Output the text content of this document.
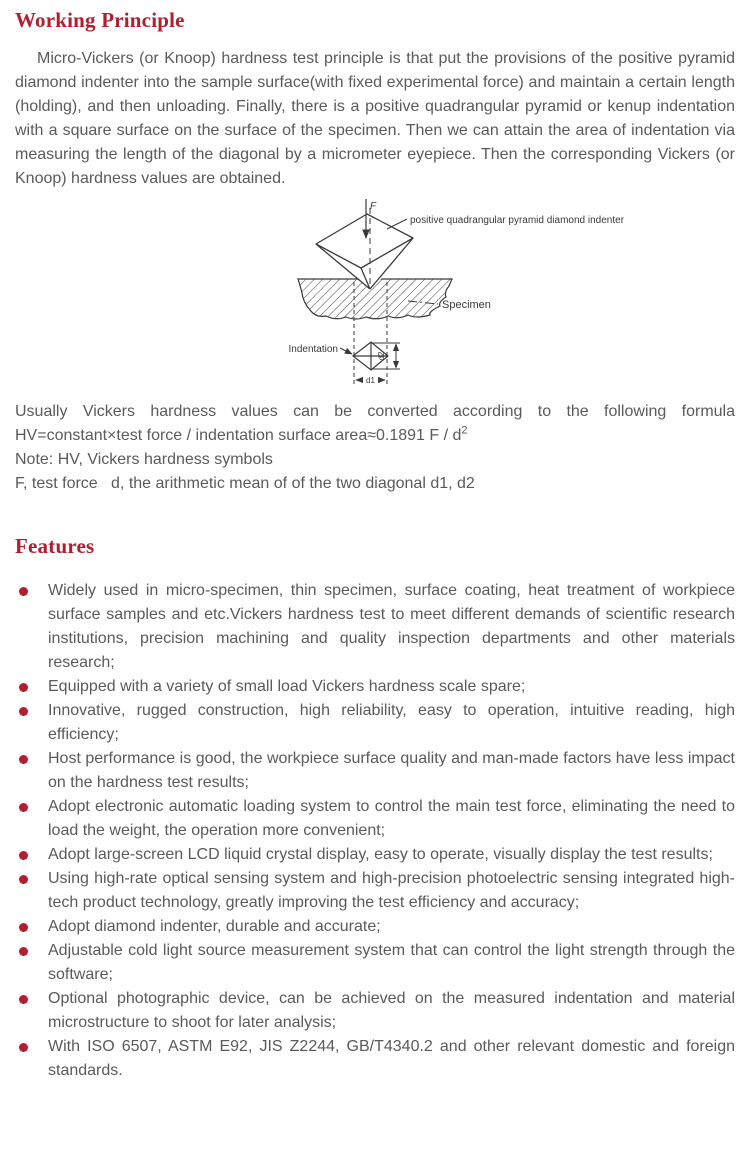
Working Principle

Micro-Vickers (or Knoop) hardness test principle is that put the provisions of the positive pyramid diamond indenter into the sample surface(with fixed experimental force) and maintain a certain length (holding), and then unloading. Finally, there is a positive quadrangular pyramid or kenup indentation with a square surface on the surface of the specimen. Then we can attain the area of indentation via measuring the length of the diagonal by a micrometer eyepiece. Then the corresponding Vickers (or Knoop) hardness values are obtained.

F
positive quadrangular pyramid diamond indenter
Specimen
Indentation
d2
d1

Usually Vickers hardness values can be converted according to the following formula

HV=constant×test force / indentation surface area≈0.1891 F / $d^2$

Note: HV, Vickers hardness symbols

F, test force   d, the arithmetic mean of of the two diagonal d1, d2

Features
Widely used in micro-specimen, thin specimen, surface coating, heat treatment of workpiece surface samples and etc.Vickers hardness test to meet different demands of scientific research institutions, precision machining and quality inspection departments and other materials research;
Equipped with a variety of small load Vickers hardness scale spare;
Innovative, rugged construction, high reliability, easy to operation, intuitive reading, high efficiency;
Host performance is good, the workpiece surface quality and man-made factors have less impact on the hardness test results;
Adopt electronic automatic loading system to control the main test force, eliminating the need to load the weight, the operation more convenient;
Adopt large-screen LCD liquid crystal display, easy to operate, visually display the test results;
Using high-rate optical sensing system and high-precision photoelectric sensing integrated high-tech product technology, greatly improving the test efficiency and accuracy;
Adopt diamond indenter, durable and accurate;
Adjustable cold light source measurement system that can control the light strength through the software;
Optional photographic device, can be achieved on the measured indentation and material microstructure to shoot for later analysis;
With ISO 6507, ASTM E92, JIS Z2244, GB/T4340.2 and other relevant domestic and foreign standards.
